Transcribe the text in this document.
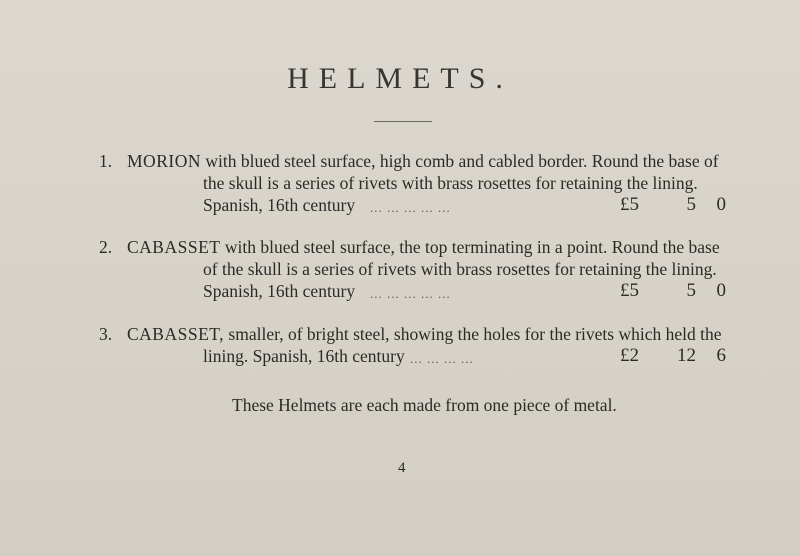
HELMETS.
1. MORION with blued steel surface, high comb and cabled border. Round the base of
the skull is a series of rivets with brass rosettes for retaining the lining.
Spanish, 16th century ... ... ... ... ...	£5	5 0
2. CABASSET with blued steel surface, the top terminating in a point. Round the base
of the skull is a series of rivets with brass rosettes for retaining the lining.
Spanish, 16th century ... ... ... ... ...	£5	5 0
3. CABASSET, smaller, of bright steel, showing the holes for the rivets which held the
lining. Spanish, 16th century ... ... ... ...	£2 12 6
These Helmets are each made from one piece of metal.
4
